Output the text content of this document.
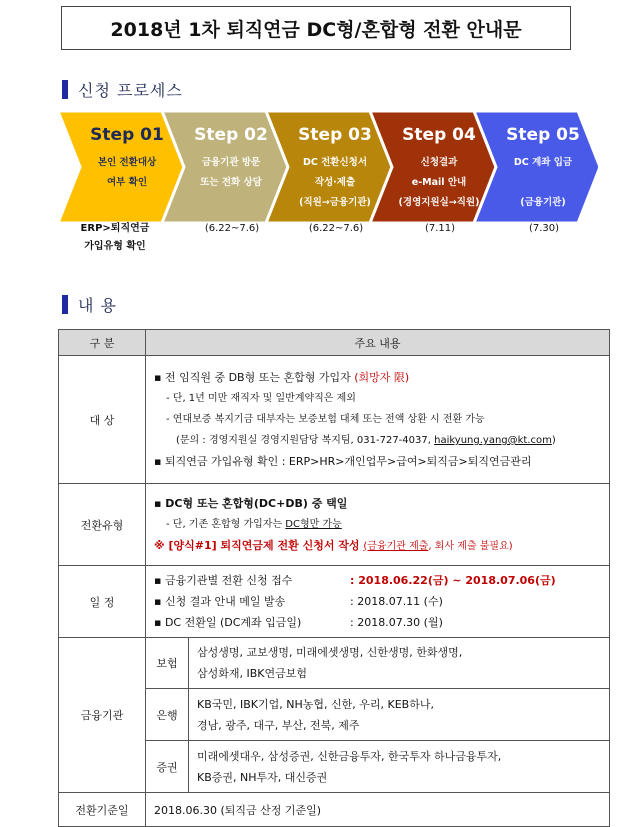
2018년 1차 퇴직연금 DC형/혼합형 전환 안내문
신청 프로세스
Step 01
본인 전환대상
여부 확인
Step 02
금융기관 방문
또는 전화 상담
Step 03
DC 전환신청서
작성·제출
(직원→금융기관)
Step 04
신청결과
e-Mail 안내
(경영지원실→직원)
Step 05
DC 계좌 입금

(금융기관)
ERP>퇴직연금
가입유형 확인
(6.22~7.6)	(6.22~7.6)	(7.11)	(7.30)
내 용
구 분	주요 내용	
대 상	▪ 전 임직원 중 DB형 또는 혼합형 가입자 (희망자 限)
- 단, 1년 미만 재직자 및 일반계약직은 제외
- 연대보증 복지기금 대부자는 보증보험 대체 또는 전액 상환 시 전환 가능
(문의 : 경영지원실 경영지원담당 복지팀, 031-727-4037, haikyung.yang@kt.com)
▪ 퇴직연금 가입유형 확인 : ERP>HR>개인업무>급여>퇴직금>퇴직연금관리	

전환유형	▪ DC형 또는 혼합형(DC+DB) 중 택일
- 단, 기존 혼합형 가입자는 DC형만 가능
※ [양식#1] 퇴직연금제 전환 신청서 작성 (금융기관 제출, 회사 제출 불필요)	

일 정	▪ 금융기관별 전환 신청 접수 : 2018.06.22(금) ~ 2018.07.06(금)
▪ 신청 결과 안내 메일 발송 : 2018.07.11 (수)
▪ DC 전환일 (DC계좌 입금일) : 2018.07.30 (월)	

금융기관	보험	삼성생명, 교보생명, 미래에셋생명, 신한생명, 한화생명,
삼성화재, IBK연금보험

	은행	KB국민, IBK기업, NH농협, 신한, 우리, KEB하나,
경남, 광주, 대구, 부산, 전북, 제주

	증권	미래에셋대우, 삼성증권, 신한금융투자, 한국투자 하나금융투자,
KB증권, NH투자, 대신증권

전환기준일	2018.06.30 (퇴직금 산정 기준일)	
